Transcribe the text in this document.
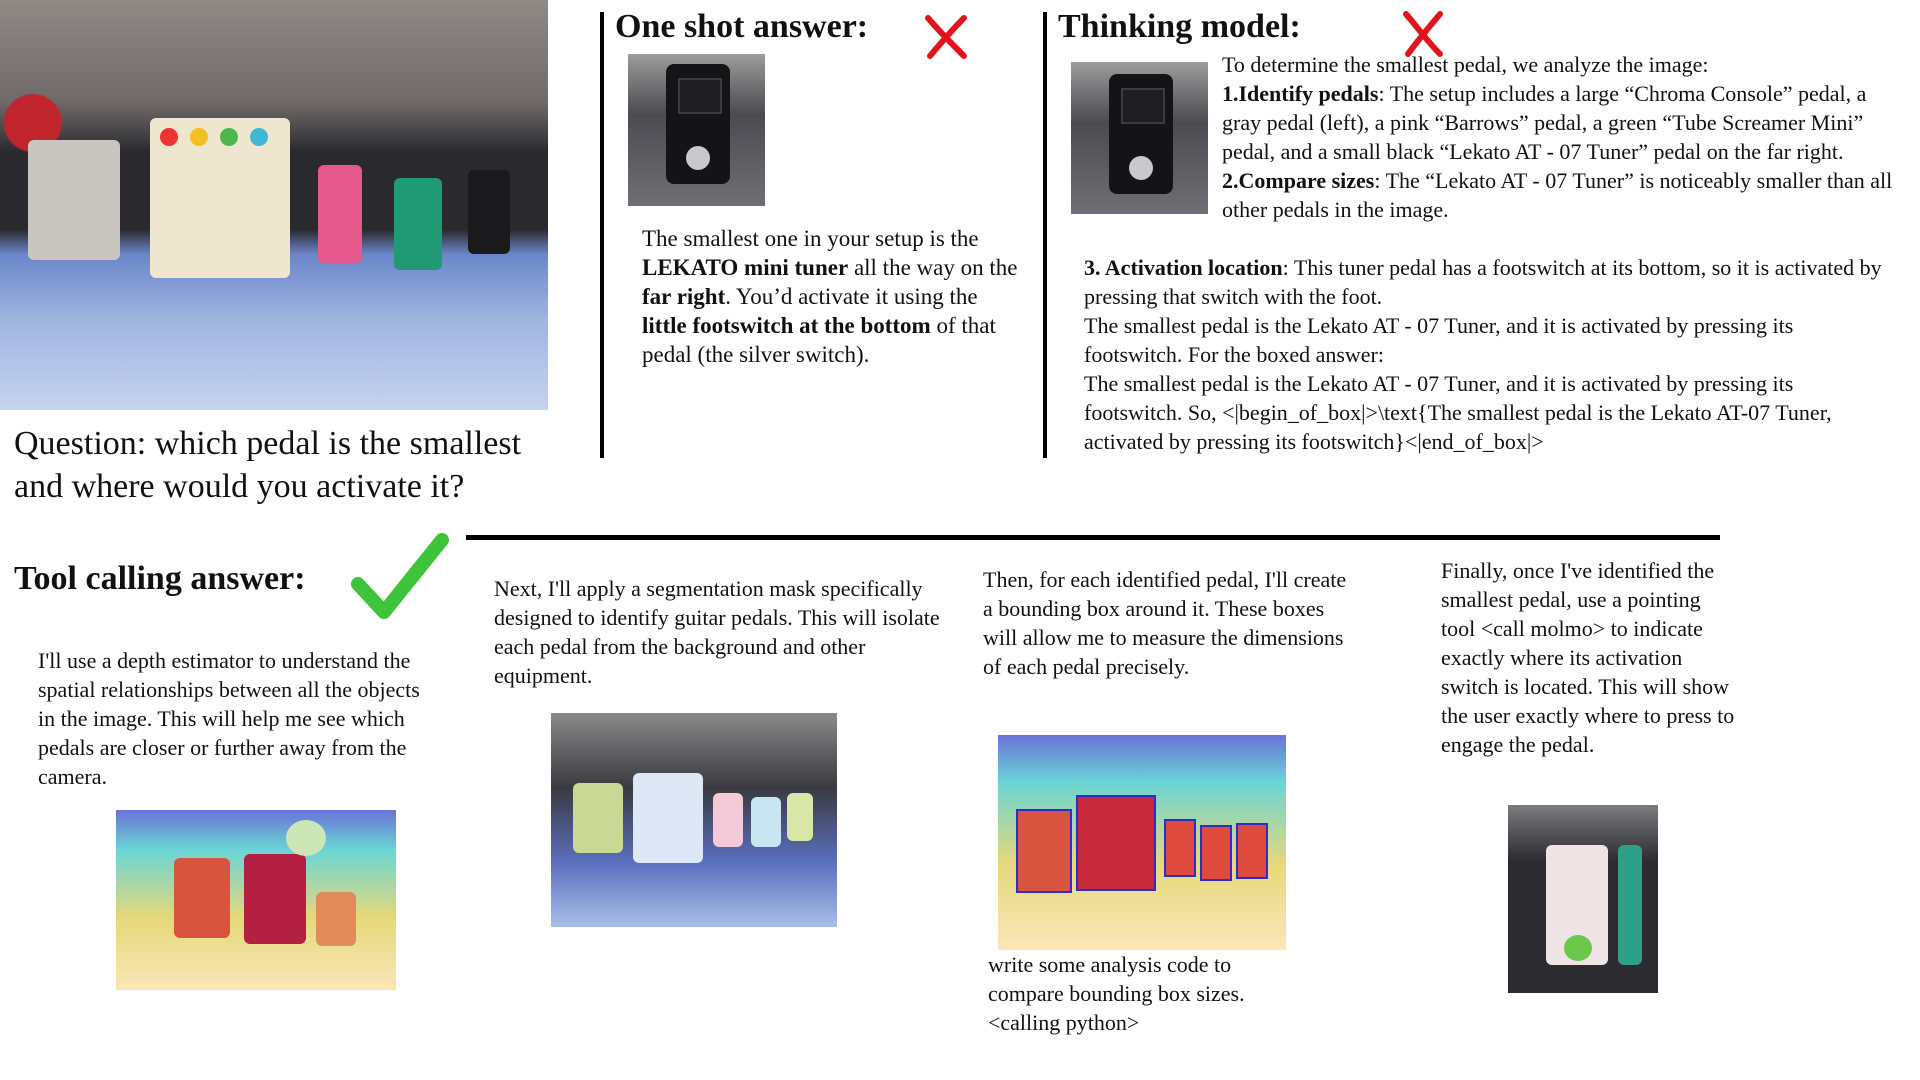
Question: which pedal is the smallest
and where would you activate it?
One shot answer:
The smallest one in your setup is the LEKATO mini tuner all the way on the far right. You’d activate it using the little footswitch at the bottom of that pedal (the silver switch).
Thinking model:

To determine the smallest pedal, we analyze the image:

1.Identify pedals: The setup includes a large “Chroma Console” pedal, a gray pedal (left), a pink “Barrows” pedal, a green “Tube Screamer Mini” pedal, and a small black “Lekato AT - 07 Tuner” pedal on the far right.

2.Compare sizes: The “Lekato AT - 07 Tuner” is noticeably smaller than all other pedals in the image.

3. Activation location: This tuner pedal has a footswitch at its bottom, so it is activated by pressing that switch with the foot.

The smallest pedal is the Lekato AT - 07 Tuner, and it is activated by pressing its footswitch. For the boxed answer:

The smallest pedal is the Lekato AT - 07 Tuner, and it is activated by pressing its footswitch. So, <|begin_of_box|>\text{The smallest pedal is the Lekato AT-07 Tuner, activated by pressing its footswitch}<|end_of_box|>

Tool calling answer:
I'll use a depth estimator to understand the spatial relationships between all the objects in the image. This will help me see which pedals are closer or further away from the camera.
Next, I'll apply a segmentation mask specifically designed to identify guitar pedals. This will isolate each pedal from the background and other equipment.
Then, for each identified pedal, I'll create a bounding box around it. These boxes will allow me to measure the dimensions of each pedal precisely.
write some analysis code to compare bounding box sizes. <calling python>
Finally, once I've identified the smallest pedal, use a pointing tool <call molmo> to indicate exactly where its activation switch is located. This will show the user exactly where to press to engage the pedal.
